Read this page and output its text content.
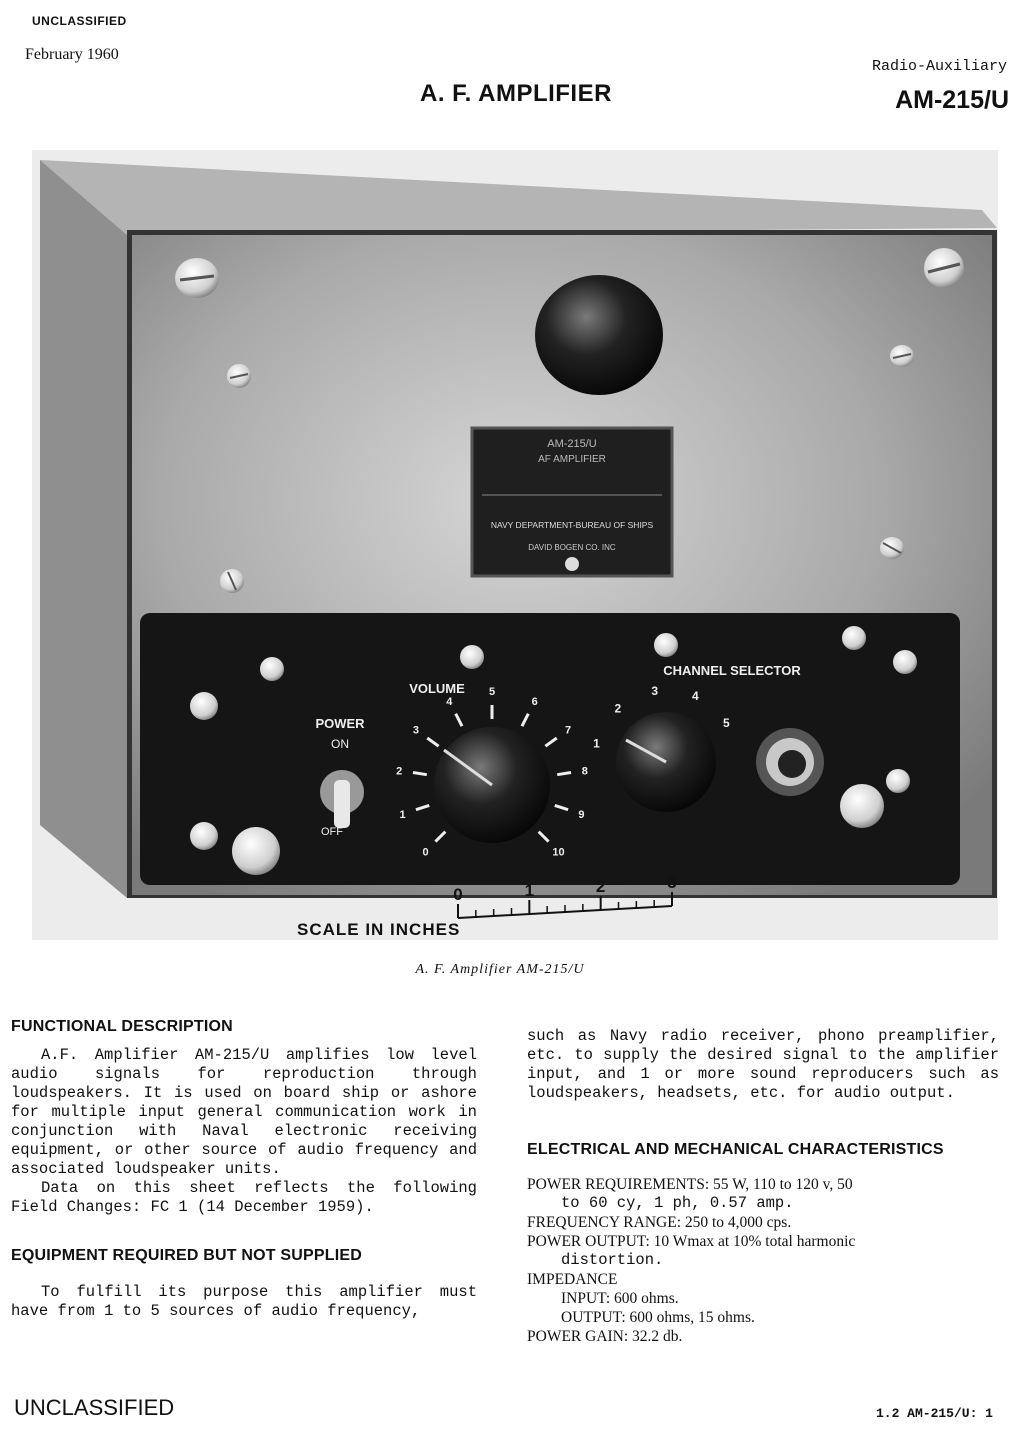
UNCLASSIFIED
February 1960
Radio-Auxiliary
A. F. AMPLIFIER	AM-215/U
AM-215/U
AF AMPLIFIER
NAVY DEPARTMENT-BUREAU OF SHIPS
DAVID BOGEN CO. INC
POWER
ON
OFF
VOLUME
0
1
2
3
4
5
6
7
8
9
10
CHANNEL SELECTOR
1
2
3	4
5
SCALE IN INCHES
0	1	2	3
A. F. Amplifier AM-215/U
FUNCTIONAL DESCRIPTION

A.F. Amplifier AM-215/U amplifies low level audio signals for reproduction through loudspeakers. It is used on board ship or ashore for multiple input general communication work in conjunction with Naval electronic receiving equipment, or other source of audio frequency and associated loudspeaker units.

Data on this sheet reflects the following Field Changes: FC 1 (14 December 1959).

EQUIPMENT REQUIRED BUT NOT SUPPLIED

To fulfill its purpose this amplifier must have from 1 to 5 sources of audio frequency,

such as Navy radio receiver, phono preamplifier, etc. to supply the desired signal to the amplifier input, and 1 or more sound reproducers such as loudspeakers, headsets, etc. for audio output.

ELECTRICAL AND MECHANICAL CHARACTERISTICS
POWER REQUIREMENTS: 55 W, 110 to 120 v, 50
to 60 cy, 1 ph, 0.57 amp.
FREQUENCY RANGE: 250 to 4,000 cps.
POWER OUTPUT: 10 Wmax at 10% total harmonic
distortion.
IMPEDANCE
INPUT: 600 ohms.
OUTPUT: 600 ohms, 15 ohms.
POWER GAIN: 32.2 db.
UNCLASSIFIED	1.2 AM-215/U: 1
